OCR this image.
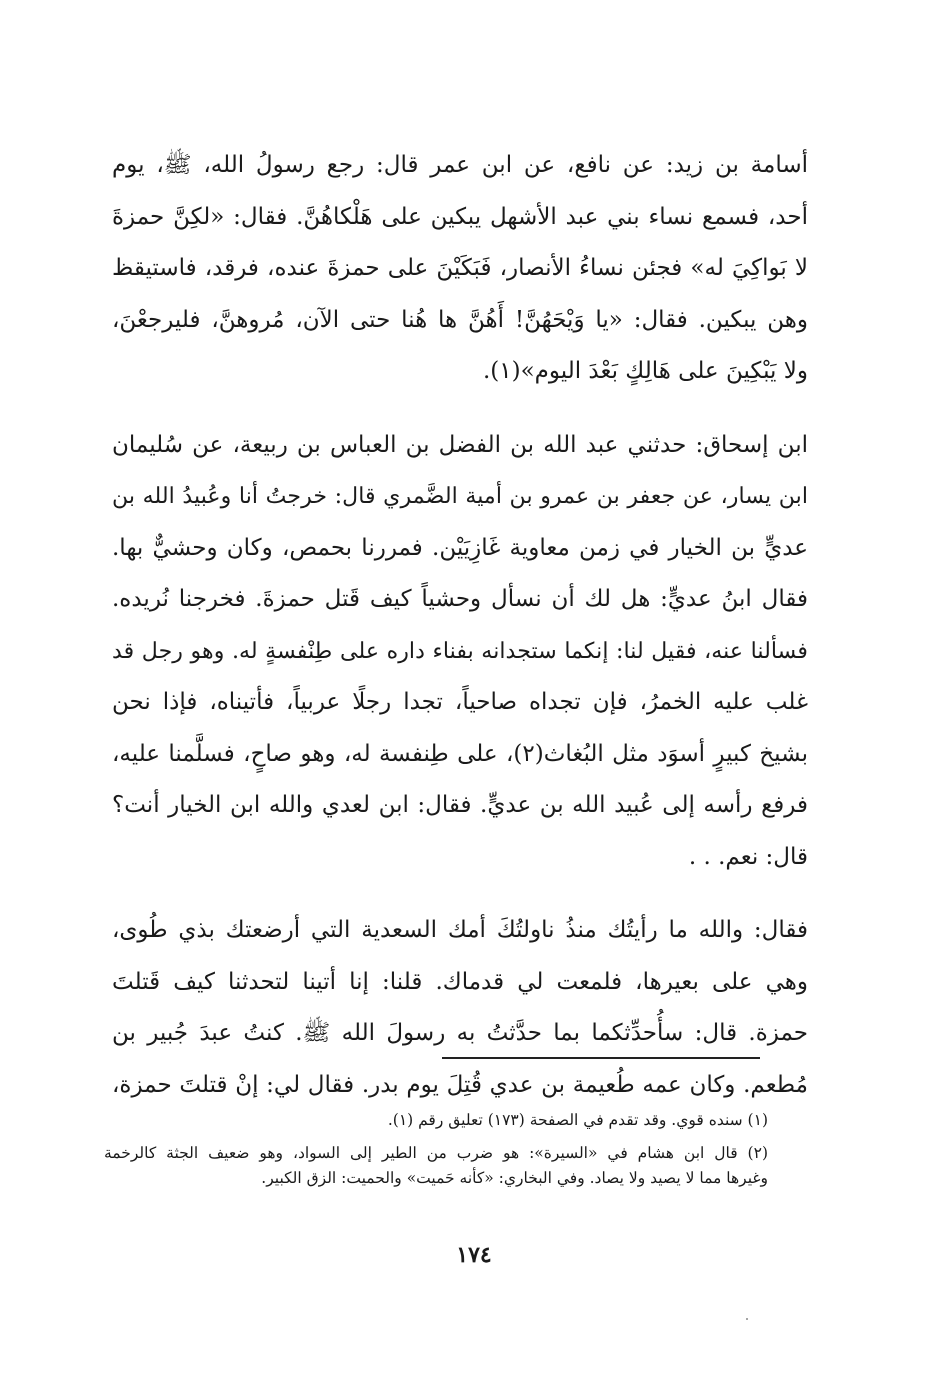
أسامة بن زيد: عن نافع، عن ابن عمر قال: رجع رسولُ الله، ﷺ، يوم
أحد، فسمع نساء بني عبد الأشهل يبكين على هَلْكاهُنَّ. فقال: «لكِنَّ حمزةَ
لا بَواكِيَ له» فجئن نساءُ الأنصار، فَبَكَيْنَ على حمزةَ عنده، فرقد، فاستيقظ
وهن يبكين. فقال: «يا وَيْحَهُنَّ! أَهُنَّ ها هُنا حتى الآن، مُروهنَّ، فليرجعْنَ،
ولا يَبْكِينَ على هَالِكٍ بَعْدَ اليوم»(١).
ابن إسحاق: حدثني عبد الله بن الفضل بن العباس بن ربيعة، عن سُليمان
ابن يسار، عن جعفر بن عمرو بن أمية الضَّمري قال: خرجتُ أنا وعُبيدُ الله بن
عديٍّ بن الخيار في زمن معاوية غَازِيَيْن. فمررنا بحمص، وكان وحشيٌّ بها.
فقال ابنُ عديٍّ: هل لك أن نسأل وحشياً كيف قَتل حمزةَ. فخرجنا نُريده.
فسألنا عنه، فقيل لنا: إنكما ستجدانه بفناء داره على طِنْفسةٍ له. وهو رجل قد
غلب عليه الخمرُ، فإن تجداه صاحياً، تجدا رجلًا عربياً، فأتيناه، فإذا نحن
بشيخ كبيرٍ أسوَد مثل البُغاث(٢)، على طِنفسة له، وهو صاحٍ، فسلَّمنا عليه،
فرفع رأسه إلى عُبيد الله بن عديٍّ. فقال: ابن لعدي والله ابن الخيار أنت؟
قال: نعم. . .
فقال: والله ما رأيتُك منذُ ناولتُكَ أمك السعدية التي أرضعتك بذي طُوى،
وهي على بعيرها، فلمعت لي قدماك. قلنا: إنا أتينا لتحدثنا كيف قَتلتَ
حمزة. قال: سأُحدِّثكما بما حدَّثتُ به رسولَ الله ﷺ. كنتُ عبدَ جُبير بن
مُطعم. وكان عمه طُعيمة بن عدي قُتِلَ يوم بدر. فقال لي: إنْ قتلتَ حمزة،
(١) سنده قوي. وقد تقدم في الصفحة (١٧٣) تعليق رقم (١).
(٢) قال ابن هشام في «السيرة»: هو ضرب من الطير إلى السواد، وهو ضعيف الجثة كالرخمة
وغيرها مما لا يصيد ولا يصاد. وفي البخاري: «كأنه حَميت» والحميت: الزق الكبير.
١٧٤
